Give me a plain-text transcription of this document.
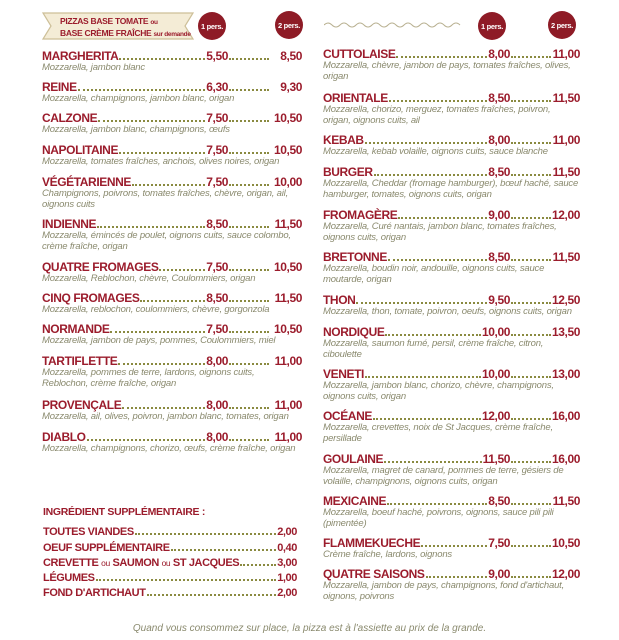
PIZZAS BASE TOMATE ou
BASE CRÈME FRAÎCHE sur demande
1 pers.	2 pers.	1 pers.	2 pers.
MARGHERITA	5,50	8,50
Mozzarella, jambon blanc
REINE	6,30	9,30
Mozzarella, champignons, jambon blanc, origan
CALZONE	7,50	10,50
Mozzarella, jambon blanc, champignons, œufs
NAPOLITAINE	7,50	10,50
Mozzarella, tomates fraîches, anchois, olives noires, origan
VÉGÉTARIENNE	7,50	10,00
Champignons, poivrons, tomates fraîches, chèvre, origan, ail, oignons cuits
INDIENNE	8,50	11,50
Mozzarella, émincés de poulet, oignons cuits, sauce colombo, crème fraîche, origan
QUATRE FROMAGES	7,50	10,50
Mozzarella, Reblochon, chèvre, Coulommiers, origan
CINQ FROMAGES	8,50	11,50
Mozzarella, reblochon, coulommiers, chèvre, gorgonzola
NORMANDE	7,50	10,50
Mozzarella, jambon de pays, pommes, Coulommiers, miel
TARTIFLETTE	8,00	11,00
Mozzarella, pommes de terre, lardons, oignons cuits, Reblochon, crème fraîche, origan
PROVENÇALE	8,00	11,00
Mozzarella, ail, olives, poivron, jambon blanc, tomates, origan
DIABLO	8,00	11,00
Mozzarella, champignons, chorizo, œufs, crème fraîche, origan
CUTTOLAISE	8,00	11,00
Mozzarella, chèvre, jambon de pays, tomates fraîches, olives, origan
ORIENTALE	8,50	11,50
Mozzarella, chorizo, merguez, tomates fraîches, poivron, origan, oignons cuits, ail
KEBAB	8,00	11,00
Mozzarella, kebab volaille, oignons cuits, sauce blanche
BURGER	8,50	11,50
Mozzarella, Cheddar (fromage hamburger), bœuf haché, sauce hamburger, tomates, oignons cuits, origan
FROMAGÈRE	9,00	12,00
Mozzarella, Curé nantais, jambon blanc, tomates fraîches, oignons cuits, origan
BRETONNE	8,50	11,50
Mozzarella, boudin noir, andouille, oignons cuits, sauce moutarde, origan
THON	9,50	12,50
Mozzarella, thon, tomate, poivron, oeufs, oignons cuits, origan
NORDIQUE	10,00	13,50
Mozzarella, saumon fumé, persil, crème fraîche, citron, ciboulette
VENETI	10,00	13,00
Mozzarella, jambon blanc, chorizo, chèvre, champignons, oignons cuits, origan
OCÉANE	12,00	16,00
Mozzarella, crevettes, noix de St Jacques, crème fraîche, persillade
GOULAINE	11,50	16,00
Mozzarella, magret de canard, pommes de terre, gésiers de volaille, champignons, oignons cuits, origan
MEXICAINE	8,50	11,50
Mozzarella, boeuf haché, poivrons, oignons, sauce pili pili (pimentée)
FLAMMEKUECHE	7,50	10,50
Crème fraîche, lardons, oignons
QUATRE SAISONS	9,00	12,00
Mozzarella, jambon de pays, champignons, fond d'artichaut, oignons, poivrons
INGRÉDIENT SUPPLÉMENTAIRE :
TOUTES VIANDES	2,00
OEUF SUPPLÉMENTAIRE	0,40
CREVETTE ou SAUMON ou ST JACQUES	3,00
LÉGUMES	1,00
FOND D'ARTICHAUT	2,00
Quand vous consommez sur place, la pizza est à l'assiette au prix de la grande.
